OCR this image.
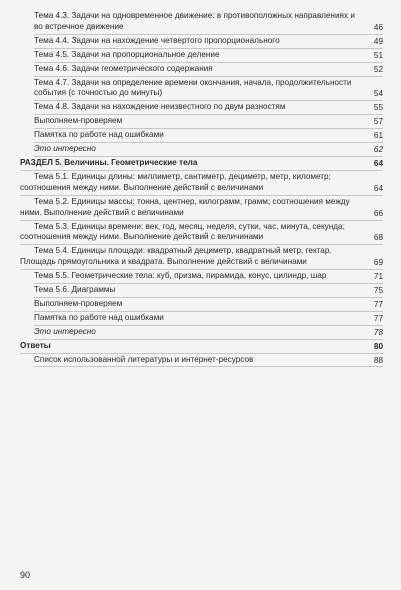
Тема 4.3. Задачи на одновременное движение: в противоположных направлениях и во встречное движение	46
Тема 4.4. Задачи на нахождение четвертого пропорционального	49
Тема 4.5. Задачи на пропорциональное деление	51
Тема 4.6. Задачи геометрического содержания	52
Тема 4.7. Задачи на определение времени окончания, начала, продолжительности события (с точностью до минуты)	54
Тема 4.8. Задачи на нахождение неизвестного по двум разностям	55
Выполняем-проверяем	57
Памятка по работе над ошибками	61
Это интересно	62
РАЗДЕЛ 5. Величины. Геометрические тела	64
Тема 5.1. Единицы длины: миллиметр, сантиметр, дециметр, метр, километр; соотношения между ними. Выполнение действий с величинами	64
Тема 5.2. Единицы массы: тонна, центнер, килограмм, грамм; соотношения между ними. Выполнение действий с величинами	66
Тема 5.3. Единицы времени: век, год, месяц, неделя, сутки, час, минута, секунда; соотношения между ними. Выполнение действий с величинами	68
Тема 5.4. Единицы площади: квадратный дециметр, квадратный метр, гектар. Площадь прямоугольника и квадрата. Выполнение действий с величинами	69
Тема 5.5. Геометрические тела: куб, призма, пирамида, конус, цилиндр, шар	71
Тема 5.6. Диаграммы	75
Выполняем-проверяем	77
Памятка по работе над ошибками	77
Это интересно	78
Ответы	80
Список использованной литературы и интернет-ресурсов	88
90
